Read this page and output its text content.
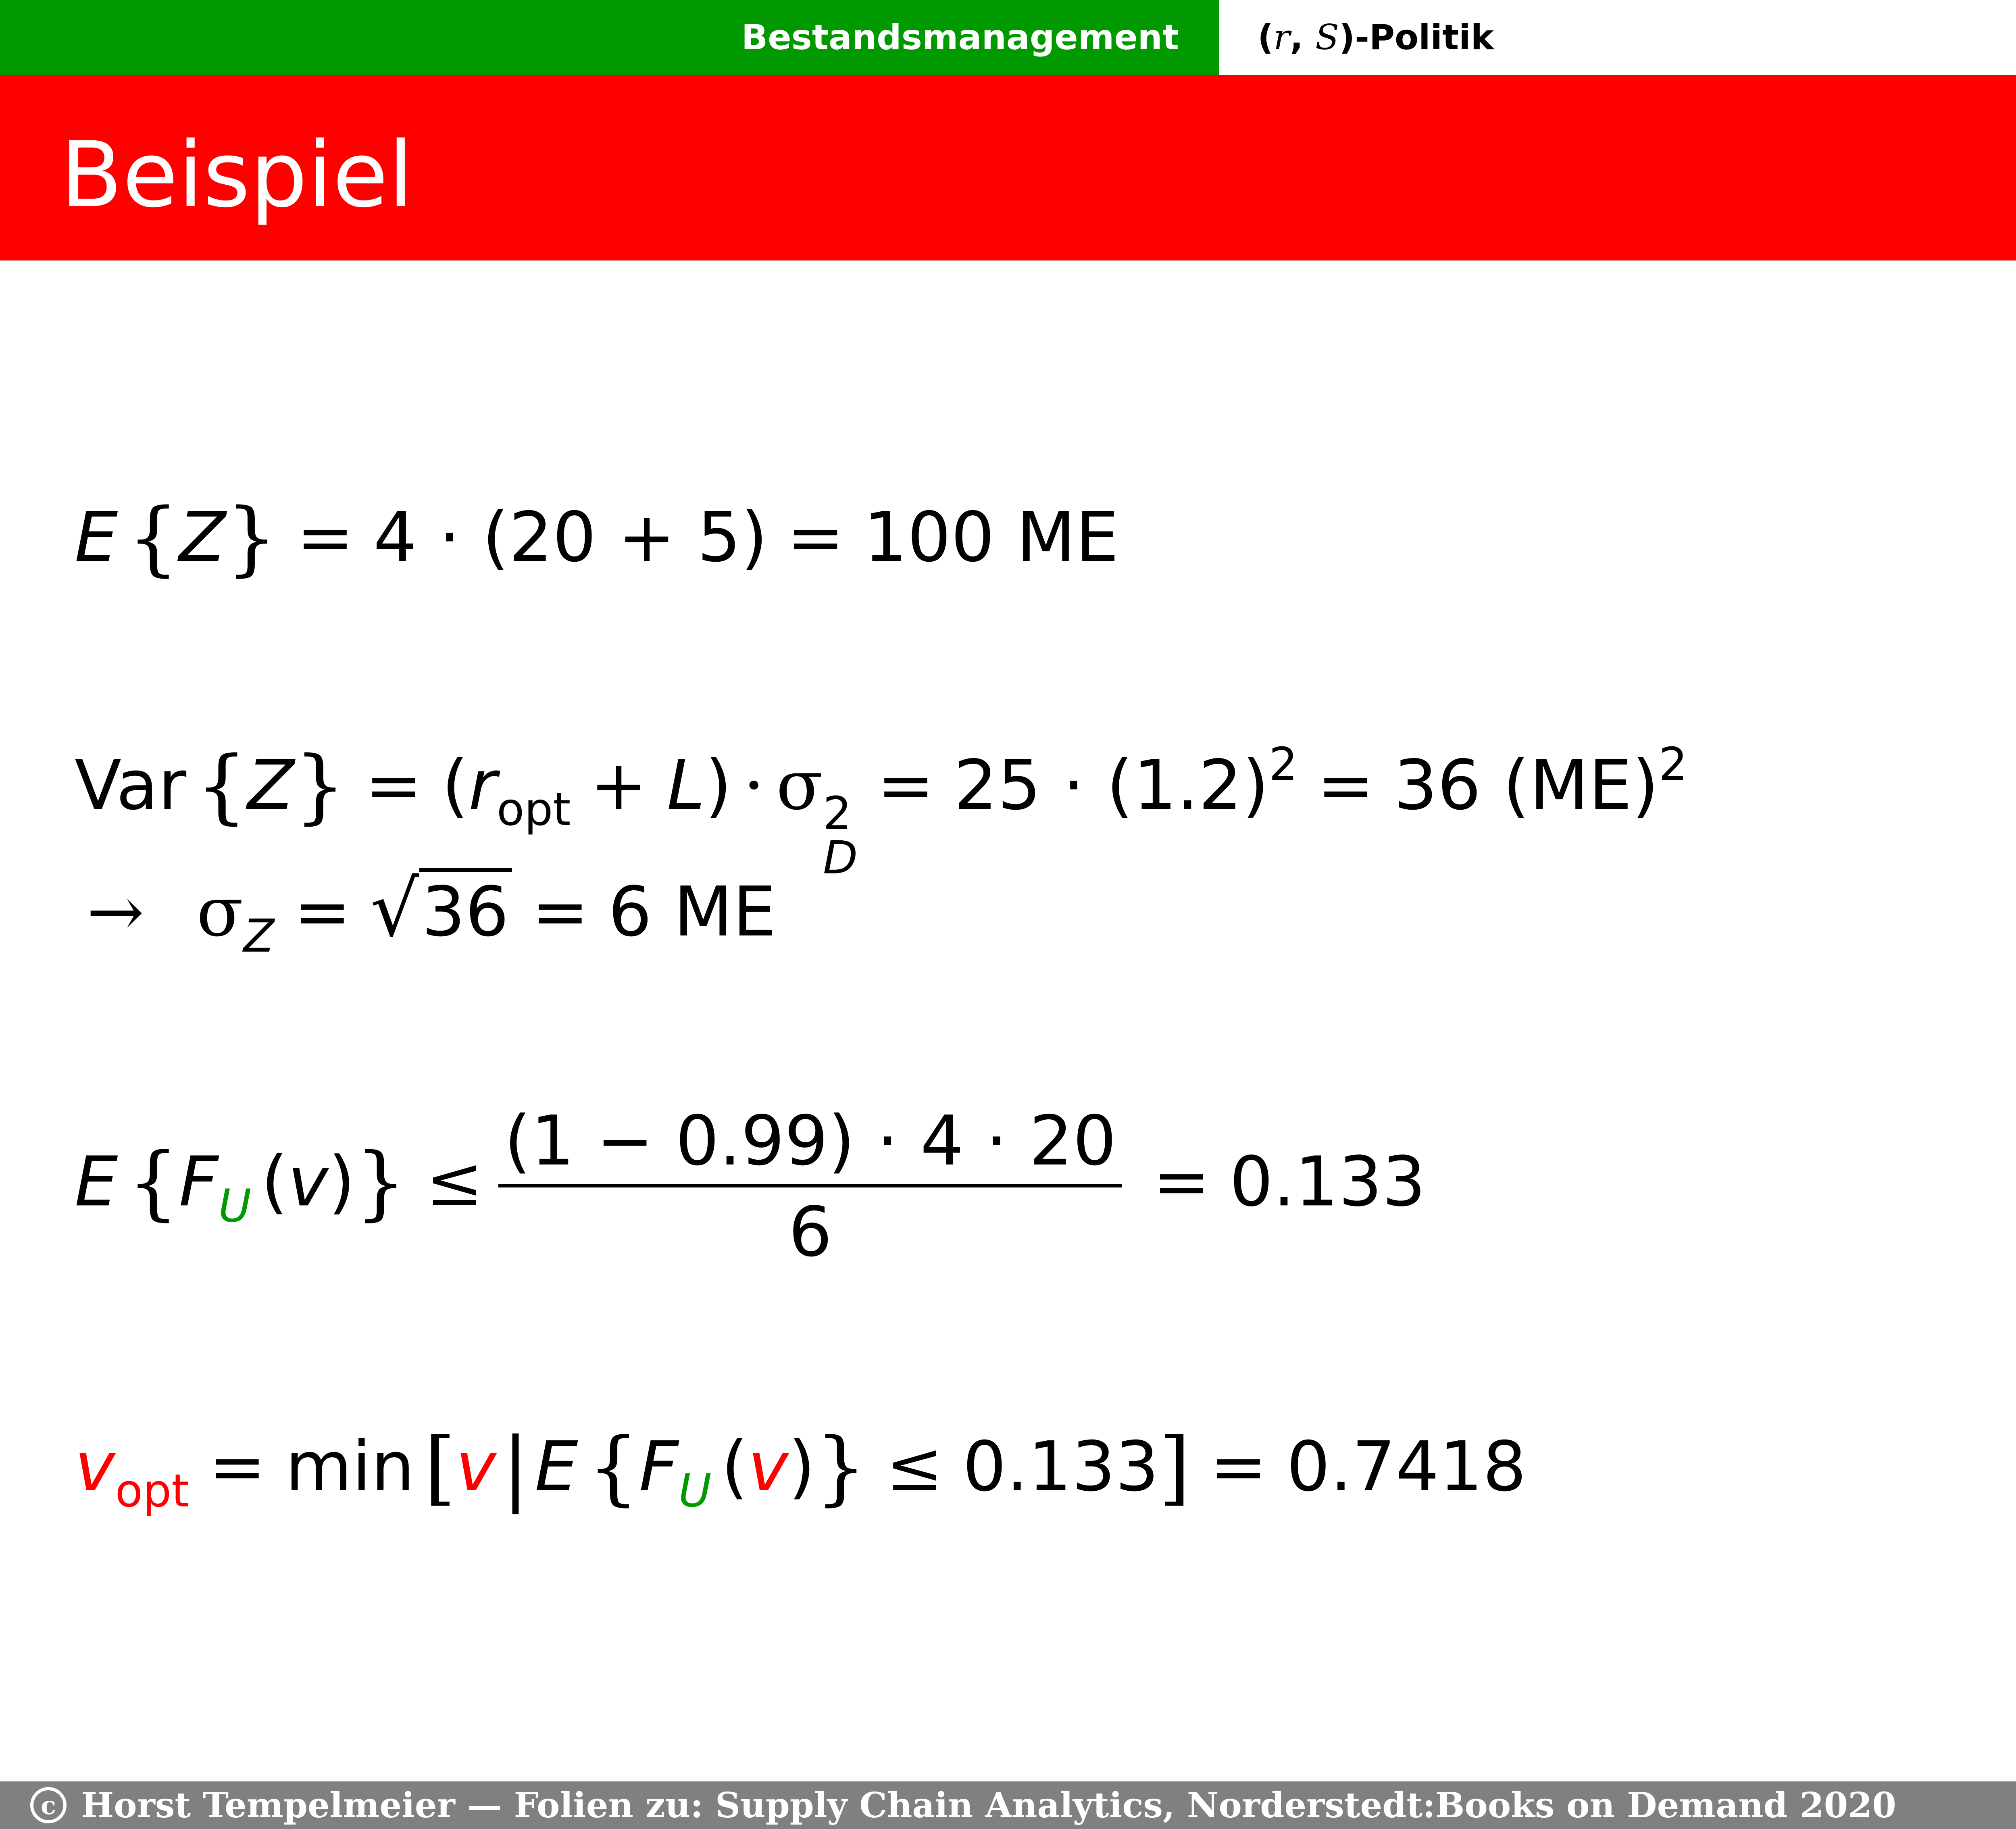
Bestandsmanagement (r, S)-Politik
Beispiel
E {Z} = 4 · (20 + 5) = 100 ME
Var $\{Z\} = (r_{opt} + L) \cdot \sigma$ 2
D
= $25 \cdot (1.2)^2 = 36$ (ME)$^2$
→ $\sigma_Z = √36 = 6$ ME
E {$F_U$ (v)} ≤
(1 − 0.99) · 4 · 20
6
= 0.133
$v_{opt} = \min [v|E$ {$F_U$ (v)} ≤ 0.133] = 0.7418
c Horst Tempelmeier — Folien zu: Supply Chain Analytics, Norderstedt:Books on Demand 2020
